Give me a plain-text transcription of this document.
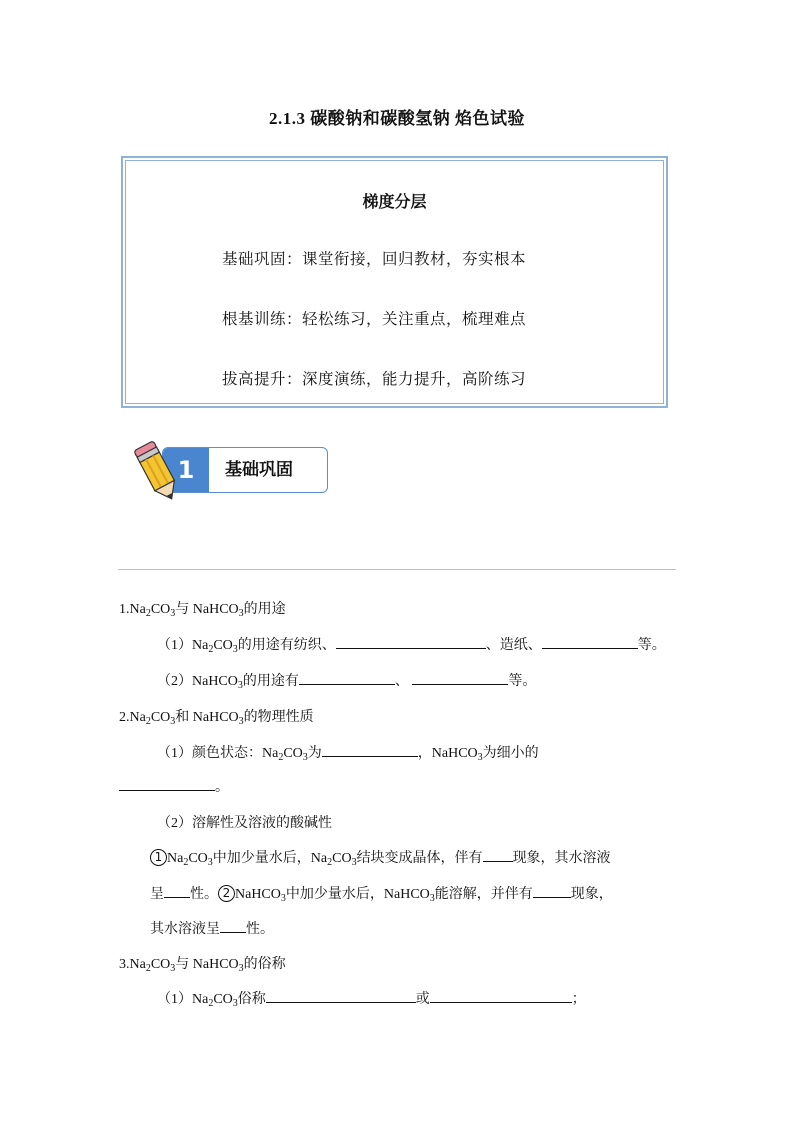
2.1.3 碳酸钠和碳酸氢钠 焰色试验
梯度分层
基础巩固：课堂衔接，回归教材，夯实根本
根基训练：轻松练习，关注重点，梳理难点
拔高提升：深度演练，能力提升，高阶练习
1	基础巩固
$1.Na_2CO_3$与 NaHCO$_3$的用途
$(1)Na_2CO_3$的用途有纺织、	、造纸、	等。
（2）NaHCO$_3$的用途有	、	等。
$2.Na_2CO_3$和 NaHCO$_3$的物理性质
（1）颜色状态：$Na_2CO_3$为	，NaHCO$_3$为细小的
。
（2）溶解性及溶液的酸碱性
1 $Na_2CO_3$中加少量水后，$Na_2CO_3$结块变成晶体，伴有 现象，其水溶液
呈 性。 2 NaHCO$_3$中加少量水后，NaHCO$_3$能溶解，并伴有	现象，
其水溶液呈 性。
$3.Na_2CO_3$与 NaHCO$_3$的俗称
$(1)Na_2CO_3$俗称	或	；
